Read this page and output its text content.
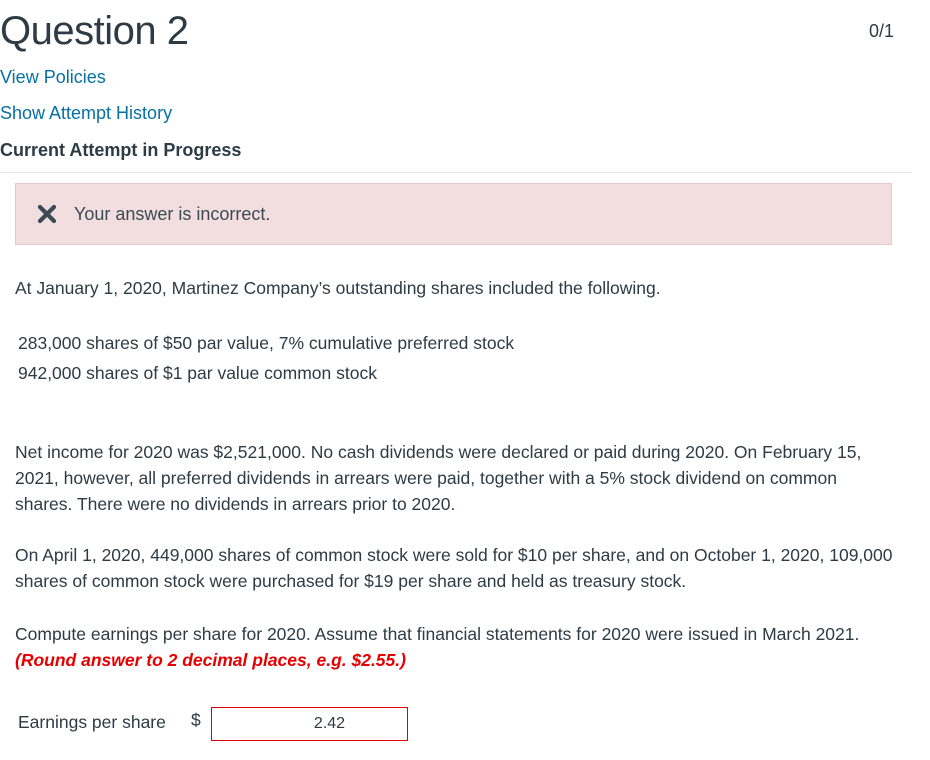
Question 2	0/1
View Policies
Show Attempt History
Current Attempt in Progress
Your answer is incorrect.
At January 1, 2020, Martinez Company’s outstanding shares included the following.
283,000 shares of $50 par value, 7% cumulative preferred stock
942,000 shares of $1 par value common stock
Net income for 2020 was $2,521,000. No cash dividends were declared or paid during 2020. On February 15, 2021, however, all preferred dividends in arrears were paid, together with a 5% stock dividend on common shares. There were no dividends in arrears prior to 2020.
On April 1, 2020, 449,000 shares of common stock were sold for $10 per share, and on October 1, 2020, 109,000 shares of common stock were purchased for $19 per share and held as treasury stock.
Compute earnings per share for 2020. Assume that financial statements for 2020 were issued in March 2021. (Round answer to 2 decimal places, e.g. $2.55.)
Earnings per share $
2.42
